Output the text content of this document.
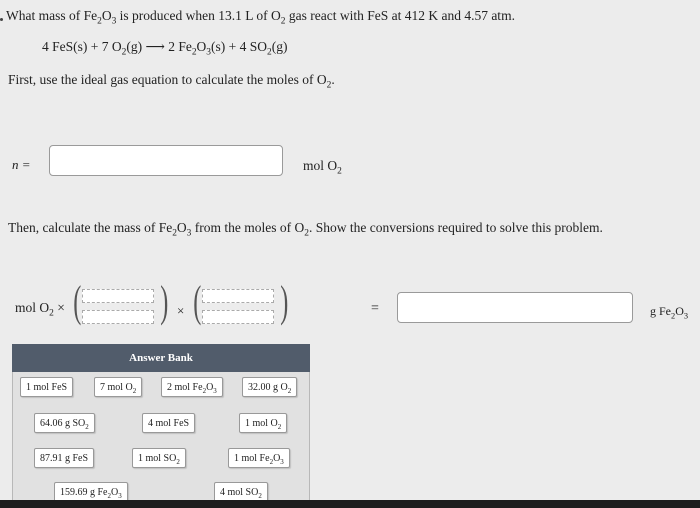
What mass of $Fe_2O_3$ is produced when 13.1 L of $O_2$ gas react with FeS at 412 K and 4.57 atm.
4 FeS(s) + 7 $O_2(g)$ ⟶ 2 $Fe_2O_3(s) + 4$ $SO_2(g)$
First, use the ideal gas equation to calculate the moles of $O_2$.
n =	mol $O_2$
Then, calculate the mass of $Fe_2O_3$ from the moles of $O_2$. Show the conversions required to solve this problem.
mol $O_2$ × ( ) × ( )	=	g $Fe_2O_3$
Answer Bank
1 mol FeS	7 mol $O_2$	2 mol $Fe_2O_3$	32.00 g $O_2$
64.06 g $SO_2$	4 mol FeS	1 mol $O_2$
87.91 g FeS	1 mol $SO_2$	1 mol $Fe_2O_3$
159.69 g $Fe_2O_3$	4 mol $SO_2$
